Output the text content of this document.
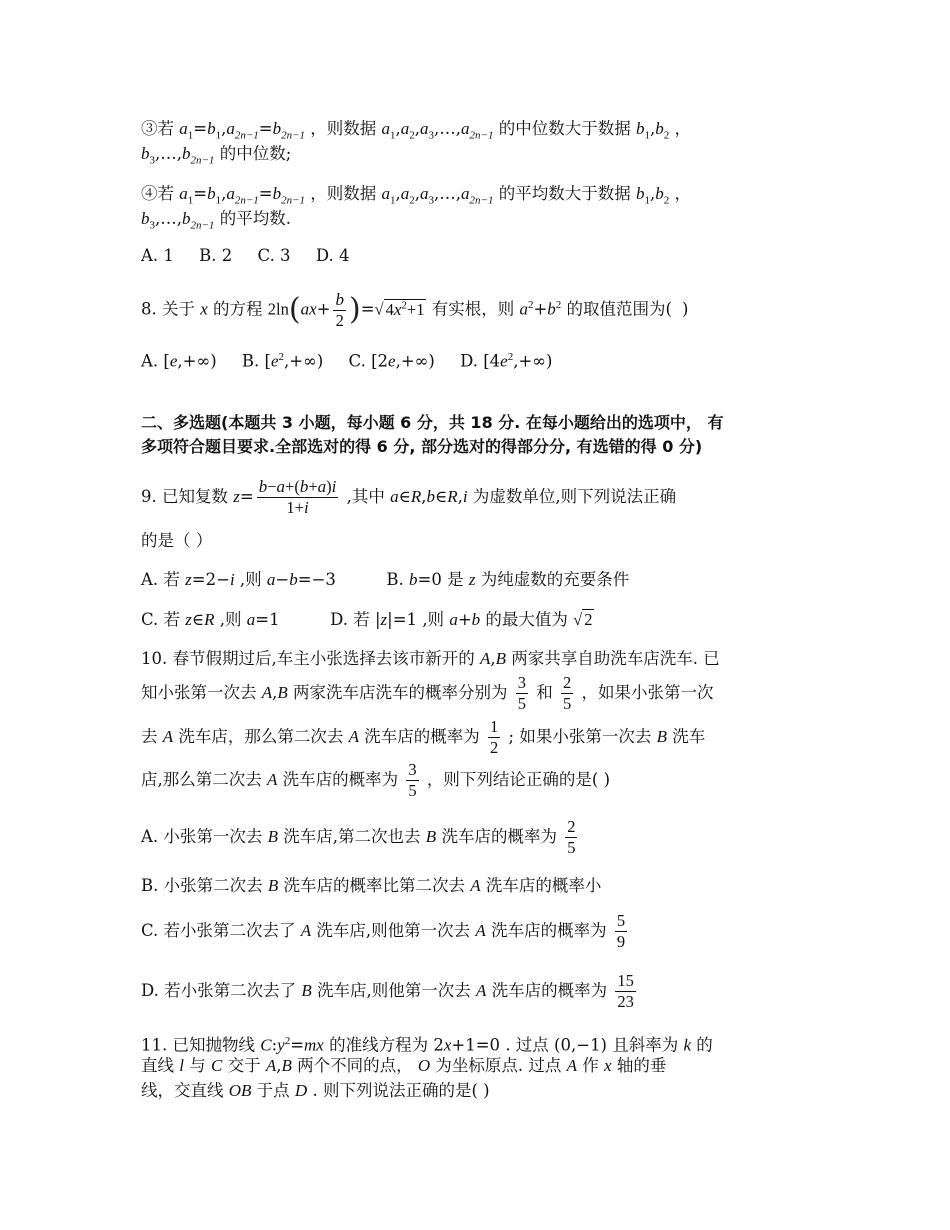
③若 $a_1=b_1,a_{2n-1}=b_{2n-1}$ ，则数据 $a_1,a_2,a_3,\dots,a_{2n-1}$ 的中位数大于数据 $b_1,b_2$ ，
$b_3,\dots,b_{2n-1}$ 的中位数;
④若 $a_1=b_1,a_{2n-1}=b_{2n-1}$ ，则数据 $a_1,a_2,a_3,\dots,a_{2n-1}$ 的平均数大于数据 $b_1,b_2$ ，
$b_3,\dots,b_{2n-1}$ 的平均数.
A. 1 B. 2 C. 3 D. 4
8. 关于 x 的方程 $2\ln(ax+ \frac{b}{2}$ )=√ $4x^2+1$ 有实根，则 $a^2+b^2$ 的取值范围为( )
A. [e,+∞) B. $[e^2,+\infty)$ C. [2e,+∞) D. $[4e^2,+\infty)$
二、多选题(本题共 3 小题，每小题 6 分，共 18 分. 在每小题给出的选项中， 有
多项符合题目要求.全部选对的得 6 分, 部分选对的得部分分, 有选错的得 0 分)
9. 已知复数 $z= \frac{b-a+(b+a)i}{1+i}$ ,其中 a∈R,b∈R,i 为虚数单位,则下列说法正确
的是（ ）
A. 若 z=2−i ,则 a−b=−3	B. b=0 是 z 为纯虚数的充要条件
C. 若 z∈R ,则 a=1	D. 若 |z|=1 ,则 a+b 的最大值为 √ 2
10. 春节假期过后,车主小张选择去该市新开的 A,B 两家共享自助洗车店洗车. 已
知小张第一次去 A,B 两家洗车店洗车的概率分别为 $\frac{3}{5}$ 和 $\frac{2}{5}$ ，如果小张第一次
去 A 洗车店，那么第二次去 A 洗车店的概率为 $\frac{1}{2}$ ; 如果小张第一次去 B 洗车
店,那么第二次去 A 洗车店的概率为 $\frac{3}{5}$ ，则下列结论正确的是( )
A. 小张第一次去 B 洗车店,第二次也去 B 洗车店的概率为 $\frac{2}{5}$
B. 小张第二次去 B 洗车店的概率比第二次去 A 洗车店的概率小
C. 若小张第二次去了 A 洗车店,则他第一次去 A 洗车店的概率为 $\frac{5}{9}$
D. 若小张第二次去了 B 洗车店,则他第一次去 A 洗车店的概率为 $\frac{15}{23}$
11. 已知抛物线 $C:y^2=mx$ 的准线方程为 2x+1=0 . 过点 (0,−1) 且斜率为 k 的
直线 l 与 C 交于 A,B 两个不同的点， O 为坐标原点. 过点 A 作 x 轴的垂
线，交直线 OB 于点 D . 则下列说法正确的是( )
